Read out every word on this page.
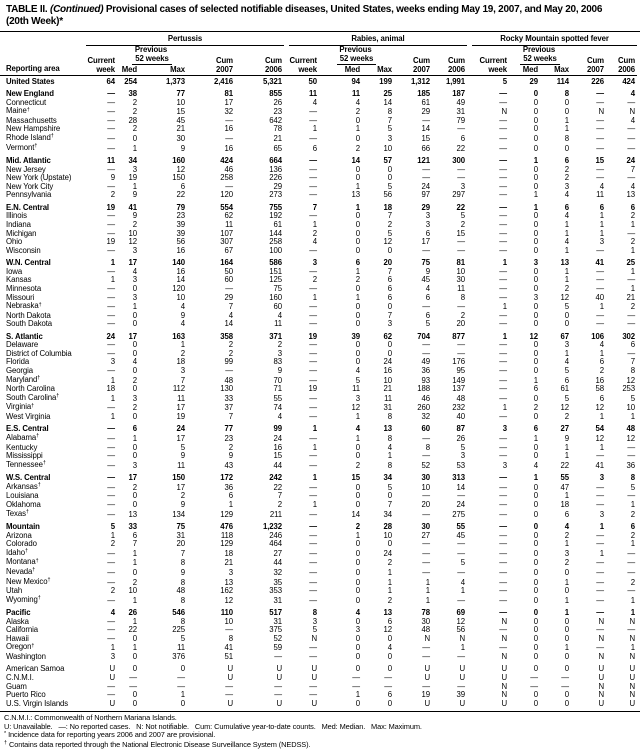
TABLE II. (Continued) Provisional cases of selected notifiable diseases, United States, weeks ending May 19, 2007, and May 20, 2006
(20th Week)*
Reporting area	Pertussis					Rabies, animal					Rocky Mountain spotted fever				

		Previous					Previous					Previous			
	Current	52 weeks		Cum	Cum	Current	52 weeks		Cum	Cum	Current	52 weeks		Cum	Cum
	week	Med	Max	2007	2006	week	Med	Max	2007	2006	week	Med	Max	2007	2006
United States	64	254	1,373	2,416	5,321	50	94	199	1,312	1,991	5	29	114	226	424
New England	—	38	77	81	855	11	11	25	185	187	—	0	8	—	4
Connecticut	—	2	10	17	26	4	4	14	61	49	—	0	0	—	—
Maine†	—	2	15	32	23	—	2	8	29	31	N	0	0	N	N
Massachusetts	—	28	45	—	642	—	0	7	—	79	—	0	1	—	4
New Hampshire	—	2	21	16	78	1	1	5	14	—	—	0	1	—	—
Rhode Island†	—	0	30	—	21	—	0	3	15	6	—	0	8	—	—
Vermont†	—	1	9	16	65	6	2	10	66	22	—	0	0	—	—
Mid. Atlantic	11	34	160	424	664	—	14	57	121	300	—	1	6	15	24
New Jersey	—	3	12	46	136	—	0	0	—	—	—	0	2	—	7
New York (Upstate)	9	19	150	258	226	—	0	0	—	—	—	0	2	—	—
New York City	—	1	6	—	29	—	1	5	24	3	—	0	3	4	4
Pennsylvania	2	9	22	120	273	—	13	56	97	297	—	1	4	11	13
E.N. Central	19	41	79	554	755	7	1	18	29	22	—	1	6	6	6
Illinois	—	9	23	62	192	—	0	7	3	5	—	0	4	1	2
Indiana	—	2	39	11	61	1	0	2	3	2	—	0	1	1	1
Michigan	—	10	39	107	144	2	0	5	6	15	—	0	1	1	—
Ohio	19	12	56	307	258	4	0	12	17	—	—	0	4	3	2
Wisconsin	—	3	16	67	100	—	0	0	—	—	—	0	1	—	1
W.N. Central	1	17	140	164	586	3	6	20	75	81	1	3	13	41	25
Iowa	—	4	16	50	151	—	1	7	9	10	—	0	1	—	1
Kansas	1	3	14	60	125	2	2	6	45	30	—	0	1	—	—
Minnesota	—	0	120	—	75	—	0	6	4	11	—	0	2	—	1
Missouri	—	3	10	29	160	1	1	6	6	8	—	3	12	40	21
Nebraska†	—	1	4	7	60	—	0	0	—	—	1	0	5	1	2
North Dakota	—	0	9	4	4	—	0	7	6	2	—	0	0	—	—
South Dakota	—	0	4	14	11	—	0	3	5	20	—	0	0	—	—
S. Atlantic	24	17	163	358	371	19	39	62	704	877	1	12	67	106	302
Delaware	—	0	1	2	2	—	0	0	—	—	—	0	3	4	6
District of Columbia	—	0	2	2	3	—	0	0	—	—	—	0	1	1	—
Florida	3	4	18	99	83	—	0	24	49	176	—	0	4	6	7
Georgia	—	0	3	—	9	—	4	16	36	95	—	0	5	2	8
Maryland†	1	2	7	48	70	—	5	10	93	149	—	1	6	16	12
North Carolina	18	0	112	130	71	19	11	21	188	137	—	6	61	58	253
South Carolina†	1	3	11	33	55	—	3	11	46	48	—	0	5	6	5
Virginia†	—	2	17	37	74	—	12	31	260	232	1	2	12	12	10
West Virginia	1	0	19	7	4	—	1	8	32	40	—	0	2	1	1
E.S. Central	—	6	24	77	99	1	4	13	60	87	3	6	27	54	48
Alabama†	—	1	17	23	24	—	1	8	—	26	—	1	9	12	12
Kentucky	—	0	5	2	16	1	0	4	8	5	—	0	1	1	—
Mississippi	—	0	9	9	15	—	0	1	—	3	—	0	1	—	—
Tennessee†	—	3	11	43	44	—	2	8	52	53	3	4	22	41	36
W.S. Central	—	17	150	172	242	1	15	34	30	313	—	1	55	3	8
Arkansas†	—	2	17	36	22	—	0	5	10	14	—	0	47	—	5
Louisiana	—	0	2	6	7	—	0	0	—	—	—	0	1	—	—
Oklahoma	—	0	9	1	2	1	0	7	20	24	—	0	18	—	1
Texas†	—	13	134	129	211	—	14	34	—	275	—	0	6	3	2
Mountain	5	33	75	476	1,232	—	2	28	30	55	—	0	4	1	6
Arizona	1	6	31	118	246	—	1	10	27	45	—	0	2	—	2
Colorado	2	7	20	129	464	—	0	0	—	—	—	0	1	—	1
Idaho†	—	1	7	18	27	—	0	24	—	—	—	0	3	1	—
Montana†	—	1	8	21	44	—	0	2	—	5	—	0	2	—	—
Nevada†	—	0	9	3	32	—	0	1	—	—	—	0	0	—	—
New Mexico†	—	2	8	13	35	—	0	1	1	4	—	0	1	—	2
Utah	2	10	48	162	353	—	0	1	1	1	—	0	0	—	—
Wyoming†	—	1	8	12	31	—	0	2	1	—	—	0	1	—	1
Pacific	4	26	546	110	517	8	4	13	78	69	—	0	1	—	1
Alaska	—	1	8	10	31	3	0	6	30	12	N	0	0	N	N
California	—	22	225	—	375	5	3	12	48	56	—	0	0	—	—
Hawaii	—	0	5	8	52	N	0	0	N	N	N	0	0	N	N
Oregon†	1	1	11	41	59	—	0	4	—	1	—	0	1	—	1
Washington	3	0	376	51	—	—	0	0	—	—	N	0	0	N	N
American Samoa	U	0	0	U	U	U	0	0	U	U	U	0	0	U	U
C.N.M.I.	U	—	—	U	U	U	—	—	U	U	U	—	—	U	U
Guam	—	—	—	—	—	—	—	—	—	—	N	—	—	N	N
Puerto Rico	—	0	1	—	—	—	1	6	19	39	N	0	0	N	N
U.S. Virgin Islands	U	0	0	U	U	U	0	0	U	U	U	0	0	U	U
C.N.M.I.: Commonwealth of Northern Mariana Islands.
U: Unavailable.   —: No reported cases.   N: Not notifiable.   Cum: Cumulative year-to-date counts.   Med: Median.   Max: Maximum.
* Incidence data for reporting years 2006 and 2007 are provisional.
† Contains data reported through the National Electronic Disease Surveillance System (NEDSS).
